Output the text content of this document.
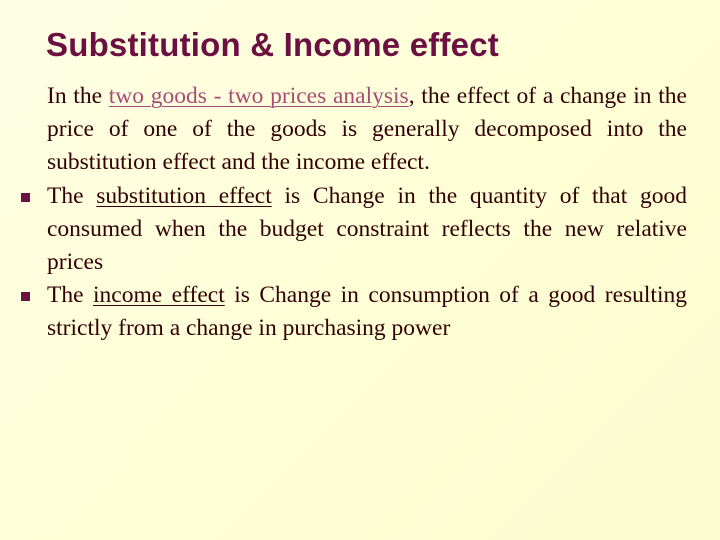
Substitution & Income effect

In the two goods - two prices analysis, the effect of a change in the price of one of the goods is generally decomposed into the substitution effect and the income effect.

The substitution effect is Change in the quantity of that good consumed when the budget constraint reflects the new relative prices

The income effect is Change in consumption of a good resulting strictly from a change in purchasing power
